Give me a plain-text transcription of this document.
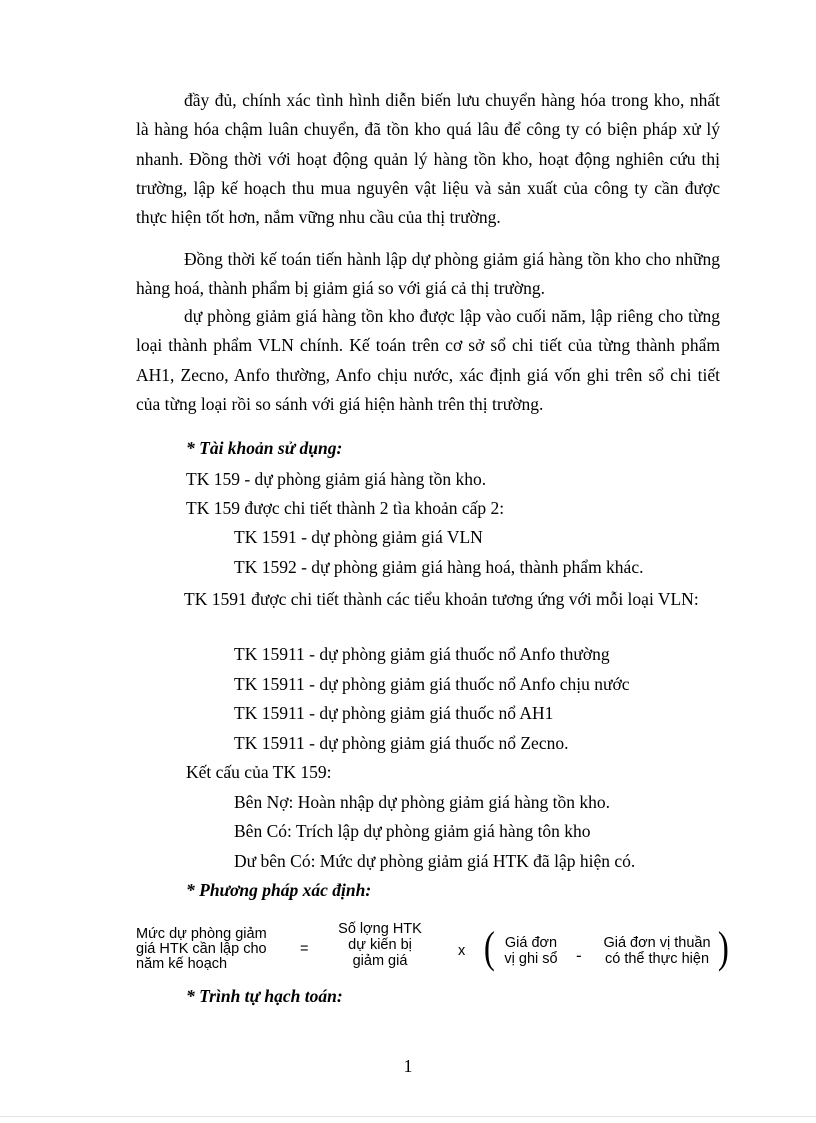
đầy đủ, chính xác tình hình diễn biến lưu chuyển hàng hóa trong kho, nhất là hàng hóa chậm luân chuyển, đã tồn kho quá lâu để công ty có biện pháp xử lý nhanh. Đồng thời với hoạt động quản lý hàng tồn kho, hoạt động nghiên cứu thị trường, lập kế hoạch thu mua nguyên vật liệu và sản xuất của công ty cần được thực hiện tốt hơn, nắm vững nhu cầu của thị trường.

Đồng thời kế toán tiến hành lập dự phòng giảm giá hàng tồn kho cho những hàng hoá, thành phẩm bị giảm giá so với giá cả thị trường.

dự phòng giảm giá hàng tồn kho được lập vào cuối năm, lập riêng cho từng loại thành phẩm VLN chính. Kế toán trên cơ sở sổ chi tiết của từng thành phẩm AH1, Zecno, Anfo thường, Anfo chịu nước, xác định giá vốn ghi trên sổ chi tiết của từng loại rồi so sánh với giá hiện hành trên thị trường.

* Tài khoản sử dụng:
TK 159 - dự phòng giảm giá hàng tồn kho.
TK 159 được chi tiết thành 2 tìa khoản cấp 2:
TK 1591 - dự phòng giảm giá VLN
TK 1592 - dự phòng giảm giá hàng hoá, thành phẩm khác.

TK 1591 được chi tiết thành các tiểu khoản tương ứng với mỗi loại VLN:

TK 15911 - dự phòng giảm giá thuốc nổ Anfo thường
TK 15911 - dự phòng giảm giá thuốc nổ Anfo chịu nước
TK 15911 - dự phòng giảm giá thuốc nổ AH1
TK 15911 - dự phòng giảm giá thuốc nổ Zecno.
Kết cấu của TK 159:
Bên Nợ: Hoàn nhập dự phòng giảm giá hàng tồn kho.
Bên Có: Trích lập dự phòng giảm giá hàng tôn kho
Dư bên Có: Mức dự phòng giảm giá HTK đã lập hiện có.
* Phương pháp xác định:
Mức dự phòng giảm
giá HTK cần lập cho
năm kế hoạch
=
Số lợng HTK
dự kiến bị
giảm giá
x ( Giá đơn
vị ghi sổ	-
Giá đơn vị thuần
có thể thực hiện )
* Trình tự hạch toán:
1
